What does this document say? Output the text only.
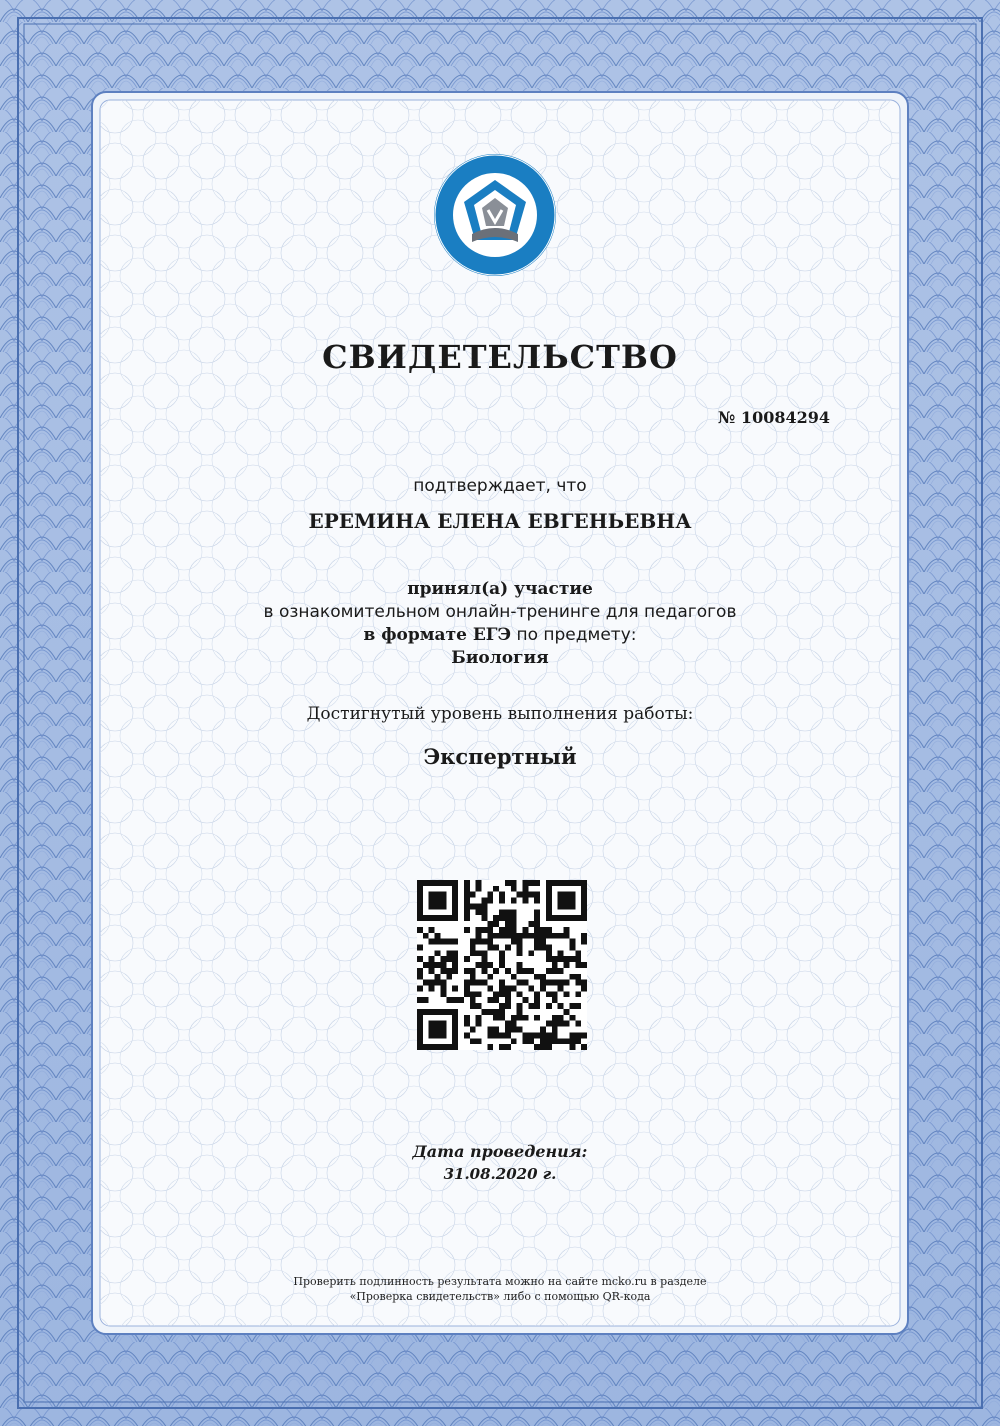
СВИДЕТЕЛЬСТВО
№ 10084294
подтверждает, что
ЕРЕМИНА ЕЛЕНА ЕВГЕНЬЕВНА
принял(а) участие
в ознакомительном онлайн-тренинге для педагогов
в формате ЕГЭ по предмету:
Биология
Достигнутый уровень выполнения работы:
Экспертный
Дата проведения:
31.08.2020 г.
Проверить подлинность результата можно на сайте mcko.ru в разделе
«Проверка свидетельств» либо с помощью QR-кода
